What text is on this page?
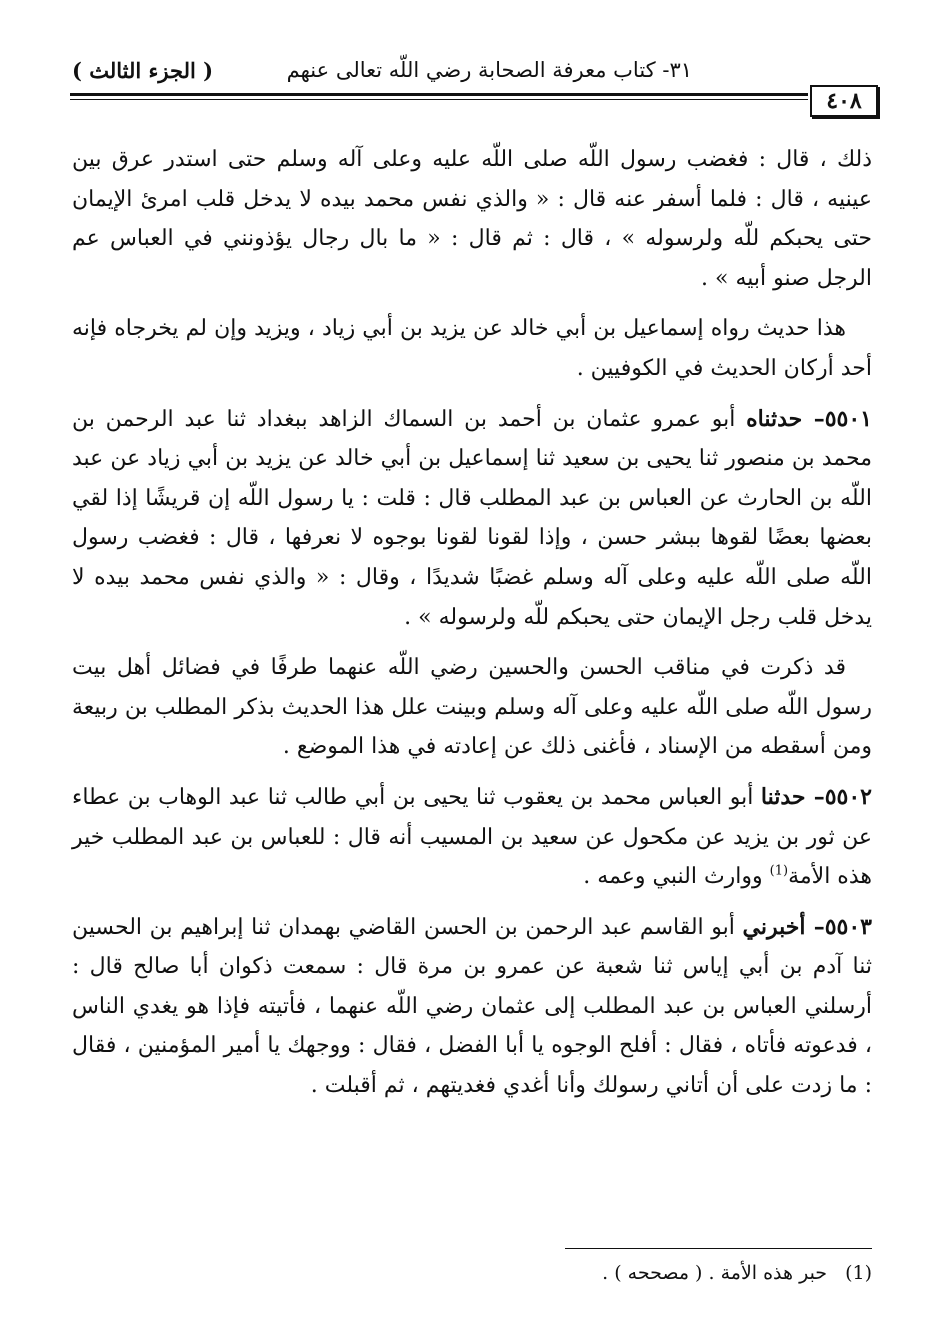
٣١- كتاب معرفة الصحابة رضي اللّه تعالى عنهم
( الجزء الثالث )
٤٠٨

ذلك ، قال : فغضب رسول اللّه صلى اللّه عليه وعلى آله وسلم حتى استدر عرق بين عينيه ، قال : فلما أسفر عنه قال : « والذي نفس محمد بيده لا يدخل قلب امرئ الإيمان حتى يحبكم للّه ولرسوله » ، قال : ثم قال : « ما بال رجال يؤذونني في العباس عم الرجل صنو أبيه » .

هذا حديث رواه إسماعيل بن أبي خالد عن يزيد بن أبي زياد ، ويزيد وإن لم يخرجاه فإنه أحد أركان الحديث في الكوفيين .

٥٥٠١– حدثناه أبو عمرو عثمان بن أحمد بن السماك الزاهد ببغداد ثنا عبد الرحمن بن محمد بن منصور ثنا يحيى بن سعيد ثنا إسماعيل بن أبي خالد عن يزيد بن أبي زياد عن عبد اللّه بن الحارث عن العباس بن عبد المطلب قال : قلت : يا رسول اللّه إن قريشًا إذا لقي بعضها بعضًا لقوها ببشر حسن ، وإذا لقونا لقونا بوجوه لا نعرفها ، قال : فغضب رسول اللّه صلى اللّه عليه وعلى آله وسلم غضبًا شديدًا ، وقال : « والذي نفس محمد بيده لا يدخل قلب رجل الإيمان حتى يحبكم للّه ولرسوله » .

قد ذكرت في مناقب الحسن والحسين رضي اللّه عنهما طرفًا في فضائل أهل بيت رسول اللّه صلى اللّه عليه وعلى آله وسلم وبينت علل هذا الحديث بذكر المطلب بن ربيعة ومن أسقطه من الإسناد ، فأغنى ذلك عن إعادته في هذا الموضع .

٥٥٠٢– حدثنا أبو العباس محمد بن يعقوب ثنا يحيى بن أبي طالب ثنا عبد الوهاب بن عطاء عن ثور بن يزيد عن مكحول عن سعيد بن المسيب أنه قال : للعباس بن عبد المطلب خير هذه الأمة$^{(1)}$ ووارث النبي وعمه .

٥٥٠٣– أخبرني أبو القاسم عبد الرحمن بن الحسن القاضي بهمدان ثنا إبراهيم بن الحسين ثنا آدم بن أبي إياس ثنا شعبة عن عمرو بن مرة قال : سمعت ذكوان أبا صالح قال : أرسلني العباس بن عبد المطلب إلى عثمان رضي اللّه عنهما ، فأتيته فإذا هو يغدي الناس ، فدعوته فأتاه ، فقال : أفلح الوجوه يا أبا الفضل ، فقال : ووجهك يا أمير المؤمنين ، فقال : ما زدت على أن أتاني رسولك وأنا أغدي فغديتهم ، ثم أقبلت .

(1)حبر هذه الأمة . ( مصححه ) .
